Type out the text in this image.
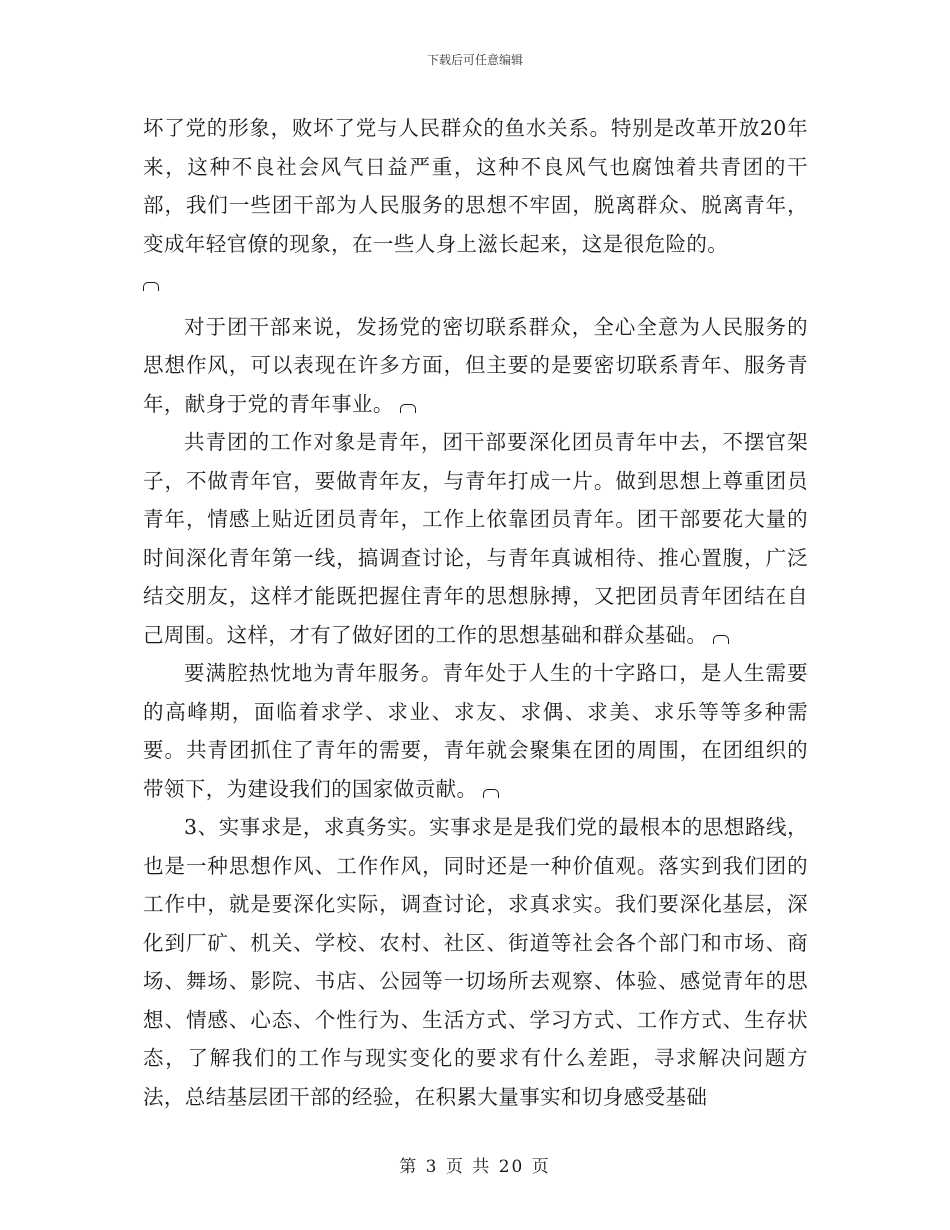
下载后可任意编辑

坏了党的形象，败坏了党与人民群众的鱼水关系。特别是改革开放20年来，这种不良社会风气日益严重，这种不良风气也腐蚀着共青团的干部，我们一些团干部为人民服务的思想不牢固，脱离群众、脱离青年，变成年轻官僚的现象，在一些人身上滋长起来，这是很危险的。

对于团干部来说，发扬党的密切联系群众，全心全意为人民服务的思想作风，可以表现在许多方面，但主要的是要密切联系青年、服务青年，献身于党的青年事业。

共青团的工作对象是青年，团干部要深化团员青年中去，不摆官架子，不做青年官，要做青年友，与青年打成一片。做到思想上尊重团员青年，情感上贴近团员青年，工作上依靠团员青年。团干部要花大量的时间深化青年第一线，搞调查讨论，与青年真诚相待、推心置腹，广泛结交朋友，这样才能既把握住青年的思想脉搏，又把团员青年团结在自己周围。这样，才有了做好团的工作的思想基础和群众基础。

要满腔热忱地为青年服务。青年处于人生的十字路口，是人生需要的高峰期，面临着求学、求业、求友、求偶、求美、求乐等等多种需要。共青团抓住了青年的需要，青年就会聚集在团的周围，在团组织的带领下，为建设我们的国家做贡献。

3、实事求是，求真务实。实事求是是我们党的最根本的思想路线，也是一种思想作风、工作作风，同时还是一种价值观。落实到我们团的工作中，就是要深化实际，调查讨论，求真求实。我们要深化基层，深化到厂矿、机关、学校、农村、社区、街道等社会各个部门和市场、商场、舞场、影院、书店、公园等一切场所去观察、体验、感觉青年的思想、情感、心态、个性行为、生活方式、学习方式、工作方式、生存状态，了解我们的工作与现实变化的要求有什么差距，寻求解决问题方法，总结基层团干部的经验，在积累大量事实和切身感受基础

第 3 页 共 20 页
